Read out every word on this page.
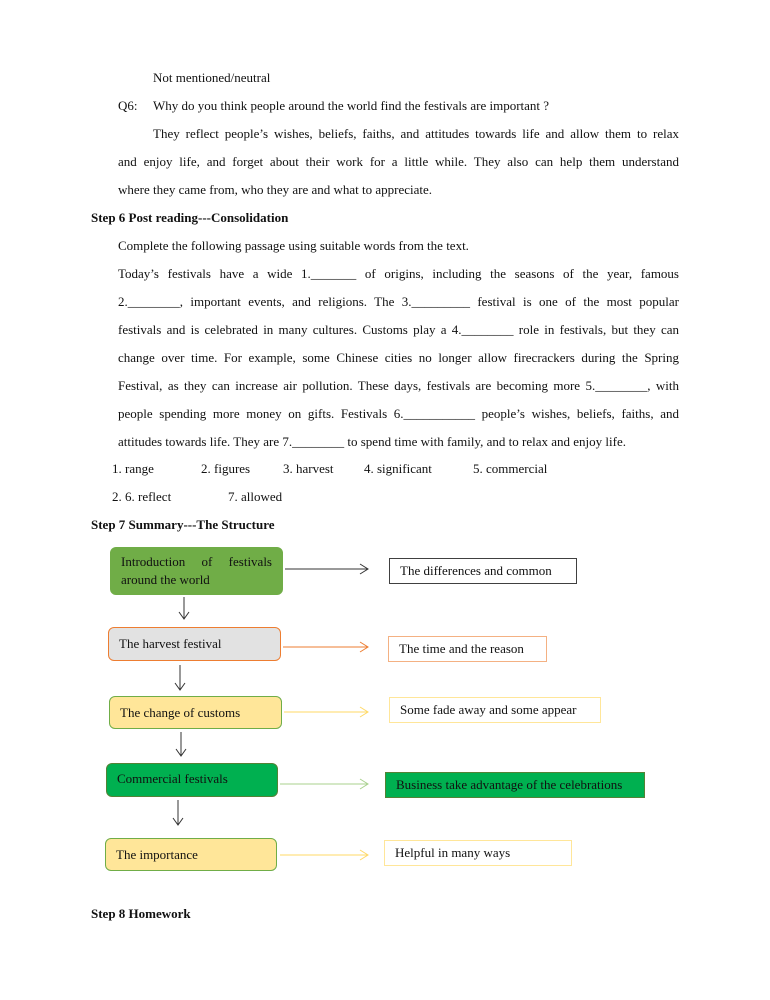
Not mentioned/neutral
Q6: Why do you think people around the world find the festivals are important ?
They reflect people’s wishes, beliefs, faiths, and attitudes towards life and allow them to relax
and enjoy life, and forget about their work for a little while. They also can help them understand
where they came from, who they are and what to appreciate.
Step 6 Post reading---Consolidation
Complete the following passage using suitable words from the text.
Today’s festivals have a wide 1._______ of origins, including the seasons of the year, famous
2.________, important events, and religions. The 3._________ festival is one of the most popular
festivals and is celebrated in many cultures. Customs play a 4.________ role in festivals, but they can
change over time. For example, some Chinese cities no longer allow firecrackers during the Spring
Festival, as they can increase air pollution. These days, festivals are becoming more 5.________, with
people spending more money on gifts. Festivals 6.___________ people’s wishes, beliefs, faiths, and
attitudes towards life. They are 7.________ to spend time with family, and to relax and enjoy life.
1. range	2. figures	3. harvest 4. significant	5. commercial
2. 6. reflect	7. allowed
Step 7 Summary---The Structure
Introduction of festivals around the world
The harvest festival
The change of customs
Commercial festivals
The importance
The differences and common
The time and the reason
Some fade away and some appear
Business take advantage of the celebrations
Helpful in many ways
Step 8 Homework
